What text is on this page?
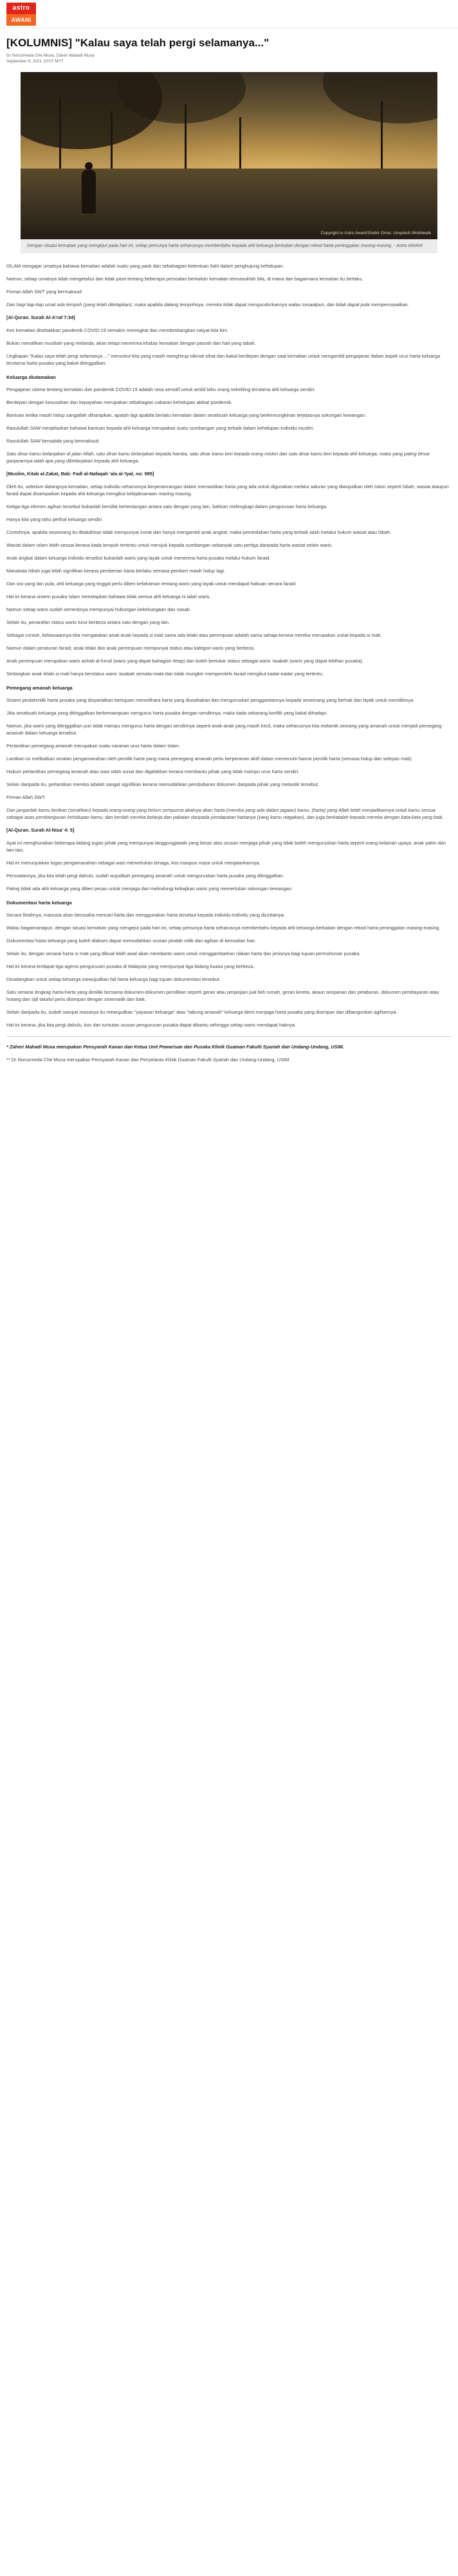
astro
AWANI
[KOLUMNIS] "Kalau saya telah pergi selamanya..."
Dr Noruzmeda Che Musa, Zaheri Mahadi Musa
September 8, 2021 10:07 MYT
Copyright to Astro Awani/Shahir Omar. Unsplash.Worldwalk
Dengan situasi kematian yang mengejut pada hari ini, setiap pemunya harta seharusnya memberitahu kepada ahli keluarga berkaitan dengan rekod harta peninggalan masing-masing. - Astro AWANI

ISLAM mengajar umatnya bahawa kematian adalah suatu yang pasti dan sebahagian ketentuan Ilahi dalam penghujung kehidupan.

Namun, setiap umatnya tidak mengetahui dan tidak pasti tentang beberapa persoalan berkaitan kematian termasuklah bila, di mana dan bagaimana kematian itu berlaku.

Firman Allah SWT yang bermaksud:

Dan bagi tiap-tiap umat ada tempoh (yang telah ditetapkan); maka apabila datang tempohnya, mereka tidak dapat mengundurkannya walau sesaatpun, dan tidak dapat pula mempercepatkan.

[Al-Quran. Surah Al-A'raf 7:34]

Kes kematian disebabkan pandemik COVID-19 semakin meningkat dan membimbangkan rakyat kita kini.

Bukan menafikan musibah yang melanda, akan tetapi menerima khabar kematian dengan pasrah dan hati yang tabah.

Ungkapan "Kalau saya telah pergi selamanya ..." menuntut kita yang masih menghirup nikmat sihat dan bakal berdepan dengan saat kematian untuk mengambil pengajaran dalam aspek urus harta keluarga terutama harta pusaka yang bakal ditinggalkan.

Keluarga diutamakan

Pengajaran utama tentang kematian dan pandemik COVID-19 adalah rasa sensitif untuk ambil tahu orang sekeliling terutama ahli keluarga sendiri.

Berdepan dengan kesusahan dan kepayahan merupakan sebahagian cabaran kehidupan akibat pandemik.

Bantuan ketika masih hidup sangatlah diharapkan, apatah lagi apabila berlaku kematian dalam sesebuah keluarga yang berkemungkinan terjejasnya sokongan kewangan.

Rasulullah SAW menjelaskan bahawa bantuan kepada ahli keluarga merupakan suatu sumbangan yang terbaik dalam kehidupan individu muslim.

Rasulullah SAW bersabda yang bermaksud:

Satu dinar kamu belanjakan di jalan Allah, satu dinar kamu belanjakan kepada hamba, satu dinar kamu beri kepada orang miskin dan satu dinar kamu beri kepada ahli keluarga, maka yang paling besar ganjarannya ialah apa yang dibelanjakan kepada ahli keluarga.

[Muslim, Kitab al-Zakat, Bab: Fadl al-Nafaqah 'ala al-'Iyal, no: 995]

Oleh itu, sebelum datangnya kematian, setiap individu seharusnya berperancangan dalam memastikan harta yang ada untuk digunakan melalui saluran yang diwujudkan oleh Islam seperti hibah, wasiat ataupun faraid dapat disampaikan kepada ahli keluarga mengikut kebijaksanaan masing-masing.

Ketiga-tiga elemen agihan tersebut bukanlah bersifat bertentangan antara satu dengan yang lain, bahkan melengkapi dalam pengurusan harta keluarga.

Hanya kita yang tahu perihal keluarga sendiri.

Contohnya, apabila seseorang itu ditakdirkan tidak mempunyai zuriat dan hanya mengambil anak angkat, maka pemindahan harta yang terbaik ialah melalui hukum wasiat atau hibah.

Wasiat dalam Islam lebih sesuai kerana tiada tempoh tertentu untuk merujuk kepada sumbangan sebanyak satu pertiga daripada harta wasiat selain waris.

Anak angkat dalam keluarga individu tersebut bukanlah waris yang layak untuk menerima harta pusaka melalui hukum faraid.

Manakala hibah juga lebih signifikan kerana pemberian harta berlaku semasa pemberi masih hidup lagi.

Dan sisi yang lain pula, ahli keluarga yang tinggal perlu diberi kefahaman tentang waris yang layak untuk mendapat habuan secara faraid.

Hal ini kerana sistem pusaka Islam menetapkan bahawa tidak semua ahli keluarga ni ialah waris.

Namun setiap waris sudah semestinya mempunyai hubungan kekeluargaan dan nasab.

Selain itu, penarafan status waris turut berbeza antara satu dengan yang lain.

Sebagai contoh, kebiasaannya kita mengatakan anak-anak kepada si mati sama ada lelaki atau perempuan adalah sama sahaja kerana mereka merupakan zuriat kepada si mati.

Namun dalam peraturan faraid, anak lelaki dan anak perempuan mempunyai status atau kategori waris yang berbeza.

Anak perempuan merupakan waris ashab al-furud (waris yang dapat bahagian tetap) dan boleh bertukar status sebagai waris 'asabah (waris yang dapat lebihan pusaka).

Sedangkan anak lelaki si mati hanya berstatus waris 'asabah semata-mata dan tidak mungkin memperolehi faraid mengikut kadar-kadar yang tertentu.

Pemegang amanah keluarga

Sistem pindahmilik harta pusaka yang disyariatkan bertujuan memelihara harta yang diusahakan dan menguruskan penggantiannya kepada seseorang yang berhak dan layak untuk memilikinya.

Jika sesebuah keluarga yang ditinggalkan berkemampuan mengurus harta pusaka dengan sendirinya, maka tiada sebarang konflik yang bakal dihadapi.

Namun, jika waris yang ditinggalkan pun tidak mampu mengurus harta dengan sendirinya seperti anak-anak yang masih kecil, maka seharusnya kita melantik seorang yang amanah untuk menjadi pemegang amanah dalam keluarga tersebut.

Perlantikan pemegang amanah merupakan suatu saranan urus harta dalam Islam.

Lantikan ini melibatkan amalan pengamanahan oleh pemilik harta yang mana pemegang amanah perlu berperanan aktif dalam memenuhi hasrat pemilik harta (semasa hidup dan selepas mati).

Hukum perlantikan pemegang amanah atau wasi ialah sunat dan digalakkan kerana membantu pihak yang tidak mampu urus harta sendiri.

Selain daripada itu, perlantikan mereka adalah sangat signifikan kerana memudahkan pembubaran dokumen daripada pihak yang melantik tersebut.

Firman Allah SWT:

Dan janganlah kamu berikan (serahkan) kepada orang-orang yang belum sempurna akalnya akan harta (mereka yang ada dalam jagaan) kamu, (harta) yang Allah telah menjadikannya untuk kamu semua sebagai asas pembangunan kehidupan kamu; dan berilah mereka belanja dan pakaian daripada pendapatan hartanya (yang kamu niagakan), dan juga berkatalah kepada mereka dengan kata-kata yang baik.

[Al-Quran. Surah Al-Nisa' 4: 5]

Ayat ini menghuraikan beberapa bidang tugas pihak yang mempunyai tanggungjawab yang besar atas urusan menjaga pihak yang tidak boleh menguruskan harta seperti orang kelainan upaya, anak yatim dan lain-lain.

Hal ini menunjukkan tugas pengamanahan sebagai wasi memerlukan tenaga, kos maupun masa untuk menjalankannya.

Persoalannya, jika kita telah pergi dahulu, sudah wujudkah pemegang amanah untuk menguruskan harta pusaka yang ditinggalkan.

Paling tidak ada ahli keluarga yang diberi pesan untuk menjaga dan melindungi kebajikan waris yang memerlukan sokongan kewangan.

Dokumentasi harta keluarga

Secara fitrahnya, manusia akan berusaha mencari harta dan menggunakan harta tersebut kepada individu-individu yang dicintainya.

Walau bagaimanapun, dengan situasi kematian yang mengejut pada hari ini, setiap pemunya harta seharusnya memberitahu kepada ahli keluarga berkaitan dengan rekod harta peninggalan masing-masing.

Dokumentasi harta keluarga yang boleh diakses dapat memudahkan urusan pindah milik dan agihan di kemudian hari.

Selain itu, dengan senarai harta si mati yang dibuat lebih awal akan membantu waris untuk menggambarkan nilaian harta dan jenisnya bagi tujuan permohonan pusaka.

Hal ini kerana terdapat tiga agensi pengurusan pusaka di Malaysia yang mempunyai tiga bidang kuasa yang berbeza.

Dicadangkan untuk setiap keluarga mewujudkan fail harta keluarga bagi tujuan dokumentasi tersebut.

Satu senarai lengkap harta-harta yang dimiliki bersama dokumen-dokumen pemilikan seperti geran atau perjanjian jual beli rumah, geran kereta, akaun simpanan dan pelaburan, dokumen pembayaran atau hutang dan sijil takaful perlu disimpan dengan sistematik dan baik.

Selain daripada itu, sudah sampai masanya itu mewujudkan "yayasan keluarga" atau "tabung amanah" keluarga demi menjaga harta pusaka yang disimpan dan dibangunkan agihannya.

Hal ini kerana, jika kita pergi dahulu, kos dan tuntutan urusan pengurusan pusaka dapat dibantu sehingga setiap waris mendapat haknya.

* Zaheri Mahadi Musa merupakan Pensyarah Kanan dan Ketua Unit Pewarisan dan Pusaka Klinik Guaman Fakulti Syariah dan Undang-Undang, USIM.

** Dr Noruzmeda Che Musa merupakan Pensyarah Kanan dan Penyelaras Klinik Guaman Fakulti Syariah dan Undang-Undang, USIM.
